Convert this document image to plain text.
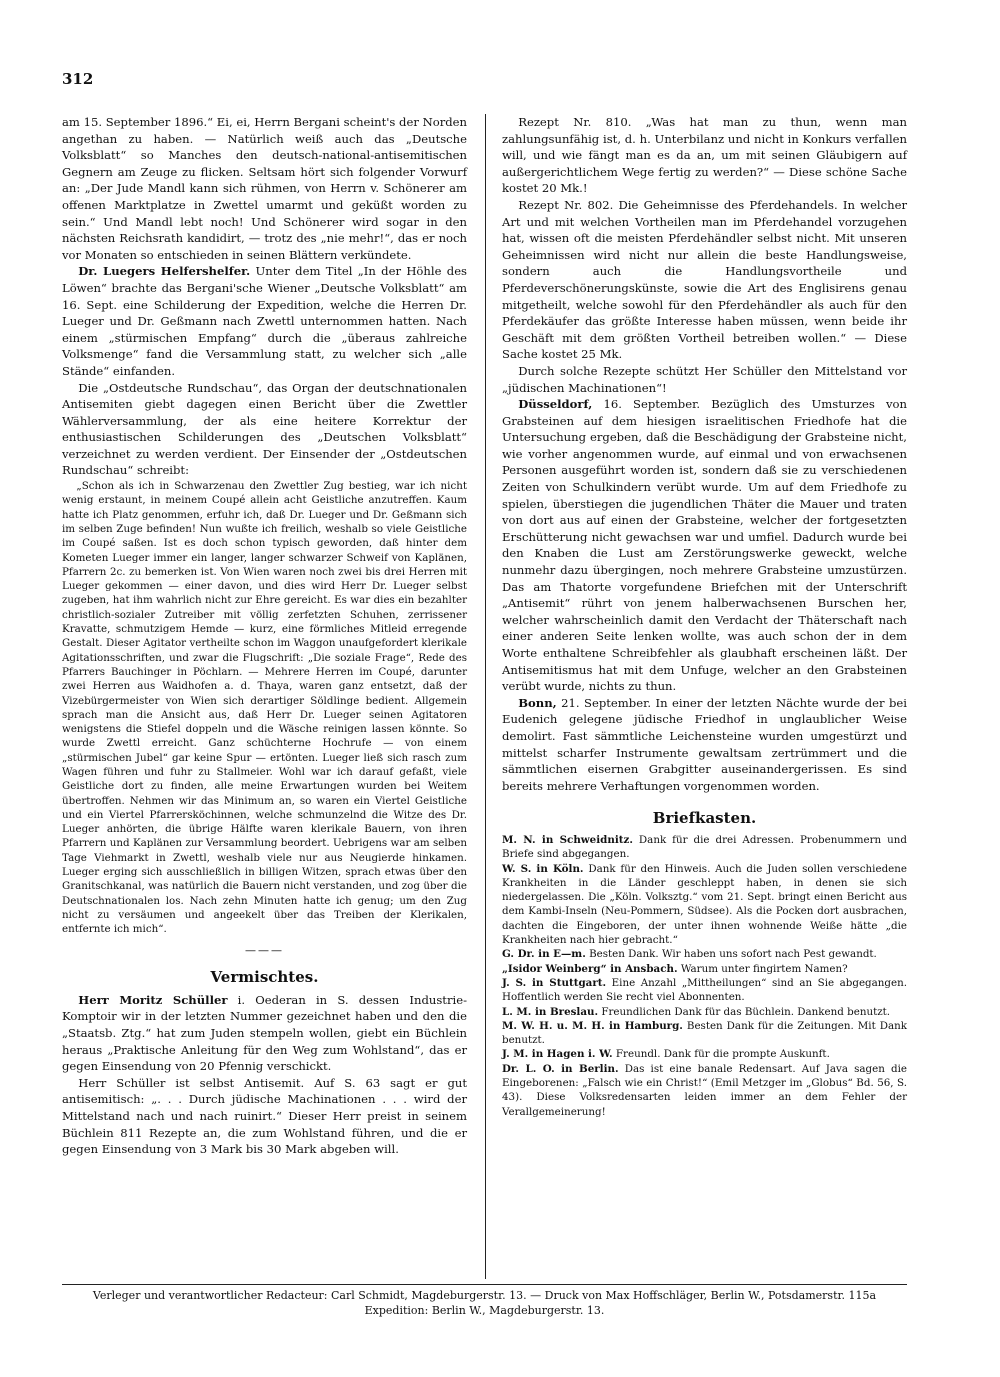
312

am 15. September 1896.“ Ei, ei, Herrn Bergani scheint's der Norden angethan zu haben. — Natürlich weiß auch das „Deutsche Volksblatt“ so Manches den deutsch-national-antisemitischen Gegnern am Zeuge zu flicken. Seltsam hört sich folgender Vorwurf an: „Der Jude Mandl kann sich rühmen, von Herrn v. Schönerer am offenen Marktplatze in Zwettel umarmt und geküßt worden zu sein.“ Und Mandl lebt noch! Und Schönerer wird sogar in den nächsten Reichsrath kandidirt, — trotz des „nie mehr!“, das er noch vor Monaten so entschieden in seinen Blättern verkündete.

Dr. Luegers Helfershelfer. Unter dem Titel „In der Höhle des Löwen“ brachte das Bergani'sche Wiener „Deutsche Volksblatt“ am 16. Sept. eine Schilderung der Expedition, welche die Herren Dr. Lueger und Dr. Geßmann nach Zwettl unternommen hatten. Nach einem „stürmischen Empfang“ durch die „überaus zahlreiche Volksmenge“ fand die Versammlung statt, zu welcher sich „alle Stände“ einfanden.

Die „Ostdeutsche Rundschau“, das Organ der deutschnationalen Antisemiten giebt dagegen einen Bericht über die Zwettler Wählerversammlung, der als eine heitere Korrektur der enthusiastischen Schilderungen des „Deutschen Volksblatt“ verzeichnet zu werden verdient. Der Einsender der „Ostdeutschen Rundschau“ schreibt:

„Schon als ich in Schwarzenau den Zwettler Zug bestieg, war ich nicht wenig erstaunt, in meinem Coupé allein acht Geistliche anzutreffen. Kaum hatte ich Platz genommen, erfuhr ich, daß Dr. Lueger und Dr. Geßmann sich im selben Zuge befinden! Nun wußte ich freilich, weshalb so viele Geistliche im Coupé saßen. Ist es doch schon typisch geworden, daß hinter dem Kometen Lueger immer ein langer, langer schwarzer Schweif von Kaplänen, Pfarrern 2c. zu bemerken ist. Von Wien waren noch zwei bis drei Herren mit Lueger gekommen — einer davon, und dies wird Herr Dr. Lueger selbst zugeben, hat ihm wahrlich nicht zur Ehre gereicht. Es war dies ein bezahlter christlich-sozialer Zutreiber mit völlig zerfetzten Schuhen, zerrissener Kravatte, schmutzigem Hemde — kurz, eine förmliches Mitleid erregende Gestalt. Dieser Agitator vertheilte schon im Waggon unaufgefordert klerikale Agitationsschriften, und zwar die Flugschrift: „Die soziale Frage“, Rede des Pfarrers Bauchinger in Pöchlarn. — Mehrere Herren im Coupé, darunter zwei Herren aus Waidhofen a. d. Thaya, waren ganz entsetzt, daß der Vizebürgermeister von Wien sich derartiger Söldlinge bedient. Allgemein sprach man die Ansicht aus, daß Herr Dr. Lueger seinen Agitatoren wenigstens die Stiefel doppeln und die Wäsche reinigen lassen könnte. So wurde Zwettl erreicht. Ganz schüchterne Hochrufe — von einem „stürmischen Jubel“ gar keine Spur — ertönten. Lueger ließ sich rasch zum Wagen führen und fuhr zu Stallmeier. Wohl war ich darauf gefaßt, viele Geistliche dort zu finden, alle meine Erwartungen wurden bei Weitem übertroffen. Nehmen wir das Minimum an, so waren ein Viertel Geistliche und ein Viertel Pfarrersköchinnen, welche schmunzelnd die Witze des Dr. Lueger anhörten, die übrige Hälfte waren klerikale Bauern, von ihren Pfarrern und Kaplänen zur Versammlung beordert. Uebrigens war am selben Tage Viehmarkt in Zwettl, weshalb viele nur aus Neugierde hinkamen. Lueger erging sich ausschließlich in billigen Witzen, sprach etwas über den Granitschkanal, was natürlich die Bauern nicht verstanden, und zog über die Deutschnationalen los. Nach zehn Minuten hatte ich genug; um den Zug nicht zu versäumen und angeekelt über das Treiben der Klerikalen, entfernte ich mich“.

———
Vermischtes.

Herr Moritz Schüller i. Oederan in S. dessen Industrie-Komptoir wir in der letzten Nummer gezeichnet haben und den die „Staatsb. Ztg.“ hat zum Juden stempeln wollen, giebt ein Büchlein heraus „Praktische Anleitung für den Weg zum Wohlstand“, das er gegen Einsendung von 20 Pfennig verschickt.

Herr Schüller ist selbst Antisemit. Auf S. 63 sagt er gut antisemitisch: „. . . Durch jüdische Machinationen . . . wird der Mittelstand nach und nach ruinirt.“ Dieser Herr preist in seinem Büchlein 811 Rezepte an, die zum Wohlstand führen, und die er gegen Einsendung von 3 Mark bis 30 Mark abgeben will.

Rezept Nr. 810. „Was hat man zu thun, wenn man zahlungsunfähig ist, d. h. Unterbilanz und nicht in Konkurs verfallen will, und wie fängt man es da an, um mit seinen Gläubigern auf außergerichtlichem Wege fertig zu werden?“ — Diese schöne Sache kostet 20 Mk.!

Rezept Nr. 802. Die Geheimnisse des Pferdehandels. In welcher Art und mit welchen Vortheilen man im Pferdehandel vorzugehen hat, wissen oft die meisten Pferdehändler selbst nicht. Mit unseren Geheimnissen wird nicht nur allein die beste Handlungsweise, sondern auch die Handlungsvortheile und Pferdeverschönerungskünste, sowie die Art des Englisirens genau mitgetheilt, welche sowohl für den Pferdehändler als auch für den Pferdekäufer das größte Interesse haben müssen, wenn beide ihr Geschäft mit dem größten Vortheil betreiben wollen.“ — Diese Sache kostet 25 Mk.

Durch solche Rezepte schützt Her Schüller den Mittelstand vor „jüdischen Machinationen“!

Düsseldorf, 16. September. Bezüglich des Umsturzes von Grabsteinen auf dem hiesigen israelitischen Friedhofe hat die Untersuchung ergeben, daß die Beschädigung der Grabsteine nicht, wie vorher angenommen wurde, auf einmal und von erwachsenen Personen ausgeführt worden ist, sondern daß sie zu verschiedenen Zeiten von Schulkindern verübt wurde. Um auf dem Friedhofe zu spielen, überstiegen die jugendlichen Thäter die Mauer und traten von dort aus auf einen der Grabsteine, welcher der fortgesetzten Erschütterung nicht gewachsen war und umfiel. Dadurch wurde bei den Knaben die Lust am Zerstörungswerke geweckt, welche nunmehr dazu übergingen, noch mehrere Grabsteine umzustürzen. Das am Thatorte vorgefundene Briefchen mit der Unterschrift „Antisemit“ rührt von jenem halberwachsenen Burschen her, welcher wahrscheinlich damit den Verdacht der Thäterschaft nach einer anderen Seite lenken wollte, was auch schon der in dem Worte enthaltene Schreibfehler als glaubhaft erscheinen läßt. Der Antisemitismus hat mit dem Unfuge, welcher an den Grabsteinen verübt wurde, nichts zu thun.

Bonn, 21. September. In einer der letzten Nächte wurde der bei Eudenich gelegene jüdische Friedhof in unglaublicher Weise demolirt. Fast sämmtliche Leichensteine wurden umgestürzt und mittelst scharfer Instrumente gewaltsam zertrümmert und die sämmtlichen eisernen Grabgitter auseinandergerissen. Es sind bereits mehrere Verhaftungen vorgenommen worden.

Briefkasten.

M. N. in Schweidnitz. Dank für die drei Adressen. Probenummern und Briefe sind abgegangen.

W. S. in Köln. Dank für den Hinweis. Auch die Juden sollen verschiedene Krankheiten in die Länder geschleppt haben, in denen sie sich niedergelassen. Die „Köln. Volksztg.“ vom 21. Sept. bringt einen Bericht aus dem Kambi-Inseln (Neu-Pommern, Südsee). Als die Pocken dort ausbrachen, dachten die Eingeboren, der unter ihnen wohnende Weiße hätte „die Krankheiten nach hier gebracht.“

G. Dr. in E—m. Besten Dank. Wir haben uns sofort nach Pest gewandt.

„Isidor Weinberg“ in Ansbach. Warum unter fingirtem Namen?

J. S. in Stuttgart. Eine Anzahl „Mittheilungen“ sind an Sie abgegangen. Hoffentlich werden Sie recht viel Abonnenten.

L. M. in Breslau. Freundlichen Dank für das Büchlein. Dankend benutzt.

M. W. H. u. M. H. in Hamburg. Besten Dank für die Zeitungen. Mit Dank benutzt.

J. M. in Hagen i. W. Freundl. Dank für die prompte Auskunft.

Dr. L. O. in Berlin. Das ist eine banale Redensart. Auf Java sagen die Eingeborenen: „Falsch wie ein Christ!“ (Emil Metzger im „Globus“ Bd. 56, S. 43). Diese Volksredensarten leiden immer an dem Fehler der Verallgemeinerung!

Verleger und verantwortlicher Redacteur: Carl Schmidt, Magdeburgerstr. 13. — Druck von Max Hoffschläger, Berlin W., Potsdamerstr. 115a
Expedition: Berlin W., Magdeburgerstr. 13.
